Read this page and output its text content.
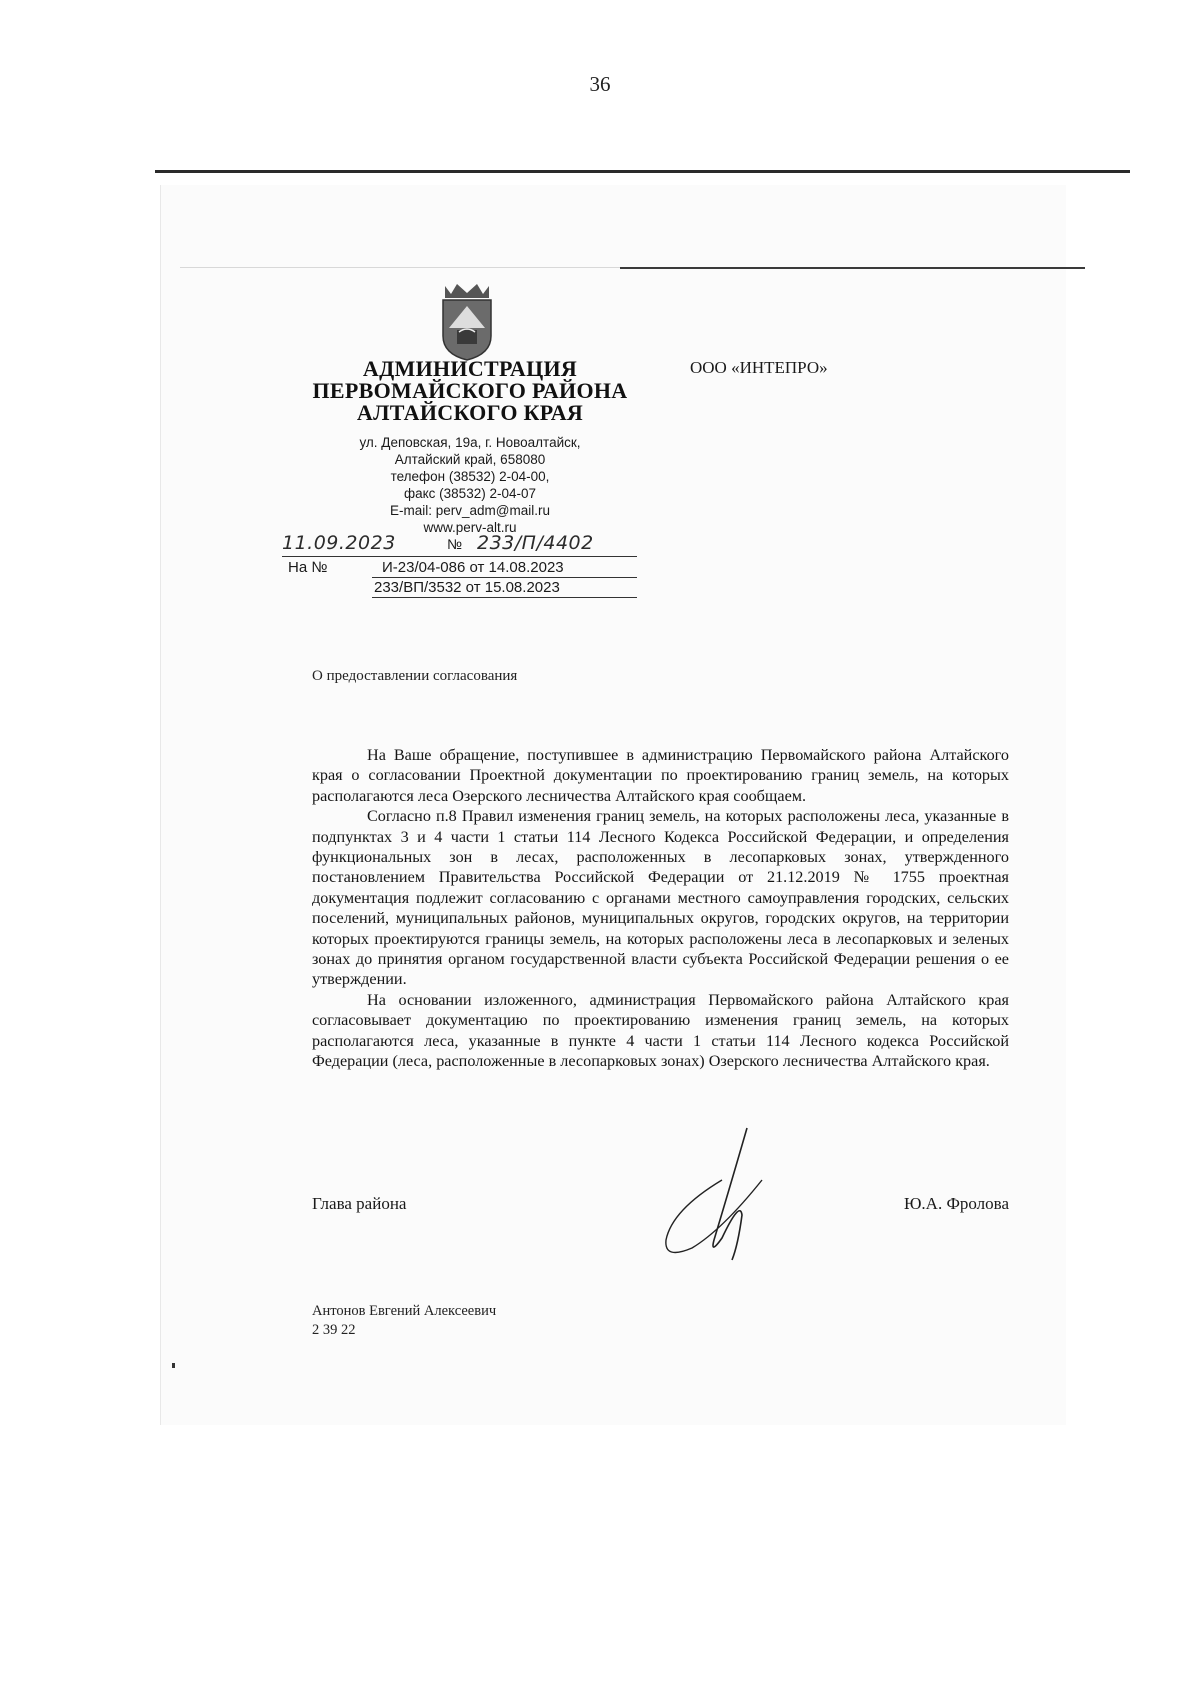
36
АДМИНИСТРАЦИЯ
ПЕРВОМАЙСКОГО РАЙОНА
АЛТАЙСКОГО КРАЯ
ул. Деповская, 19а, г. Новоалтайск,
Алтайский край, 658080
телефон (38532) 2-04-00,
факс (38532) 2-04-07
E-mail: perv_adm@mail.ru
www.perv-alt.ru
ООО «ИНТЕПРО»
11.09.2023	№ 233/П/4402
На №	И-23/04-086 от 14.08.2023
233/ВП/3532 от 15.08.2023
О предоставлении согласования

На Ваше обращение, поступившее в администрацию Первомайского района Алтайского края о согласовании Проектной документации по проектированию границ земель, на которых располагаются леса Озерского лесничества Алтайского края сообщаем.

Согласно п.8 Правил изменения границ земель, на которых расположены леса, указанные в подпунктах 3 и 4 части 1 статьи 114 Лесного Кодекса Российской Федерации, и определения функциональных зон в лесах, расположенных в лесопарковых зонах, утвержденного постановлением Правительства Российской Федерации от 21.12.2019 № 1755 проектная документация подлежит согласованию с органами местного самоуправления городских, сельских поселений, муниципальных районов, муниципальных округов, городских округов, на территории которых проектируются границы земель, на которых расположены леса в лесопарковых и зеленых зонах до принятия органом государственной власти субъекта Российской Федерации решения о ее утверждении.

На основании изложенного, администрация Первомайского района Алтайского края согласовывает документацию по проектированию изменения границ земель, на которых располагаются леса, указанные в пункте 4 части 1 статьи 114 Лесного кодекса Российской Федерации (леса, расположенные в лесопарковых зонах) Озерского лесничества Алтайского края.

Глава района	Ю.А. Фролова
Антонов Евгений Алексеевич
2 39 22
